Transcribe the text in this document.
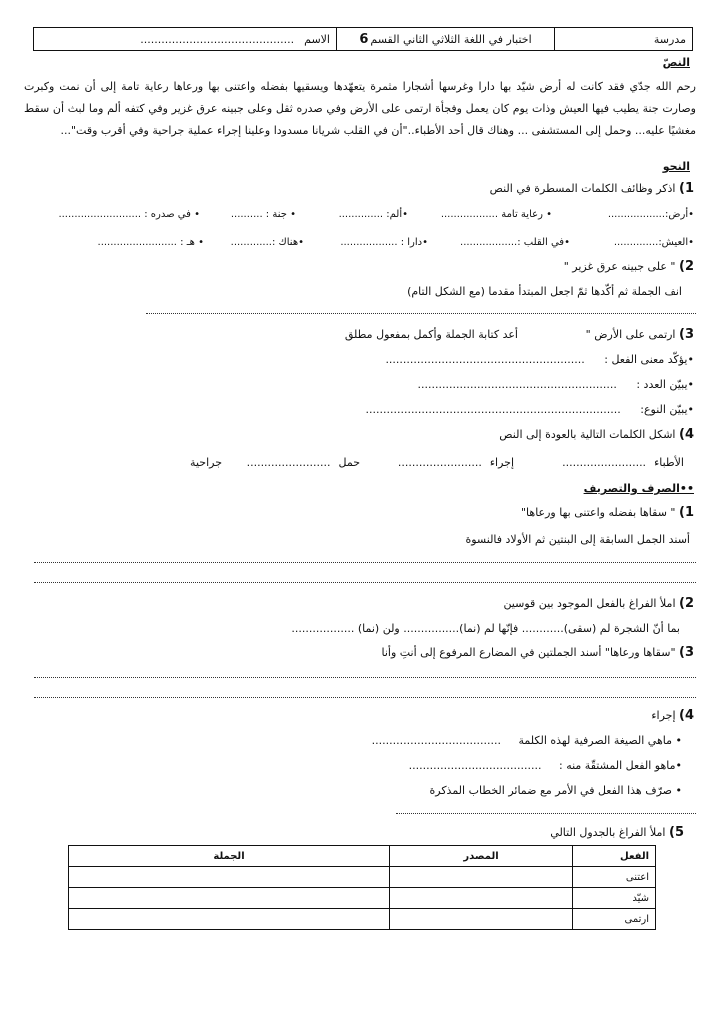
مدرسة
اختبار في اللغة الثلاثي الثاني القسم
6
الاسم
............................................
النصّ
رحم الله جدّي فقد كانت له أرض شيّد بها دارا وغرسها أشجارا مثمرة يتعهّدها ويسقيها بفضله واعتنى بها ورعاها رعاية تامة إلى أن نمت وكبرت وصارت جنة يطيب فيها العيش وذات يوم كان يعمل وفجأة ارتمى على الأرض وفي صدره ثقل وعلى جبينه عرق غزير وفي كتفه ألم وما لبث أن سقط مغشيًا عليه... وحمل إلى المستشفى ... وهناك قال أحد الأطباء.."أن في القلب شريانا مسدودا وعلينا إجراء عملية جراحية وفي أقرب وقت"...
النحو
1) اذكر وظائف الكلمات المسطرة في النص
•أرض:..................
• رعاية تامة ..................
•ألم: ..............
• جنة : ..........
• في صدره : ..........................
•العيش:..............
•في القلب :..................
•دارا : ..................
•هناك :.............
• هـ : .........................
2) " على جبينه عرق غزير "
انف الجملة ثم أكّدها ثمّ اجعل المبتدأ مقدما (مع الشكل التام)
3) ارتمى على الأرض "
أعد كتابة الجملة وأكمل بمفعول مطلق
•يؤكّد معنى الفعل : .........................................................
•يبيّن العدد : .........................................................
•يبيّن النوع: .........................................................................
4) اشكل الكلمات التالية بالعودة إلى النص
الأطباء........................
إجراء........................
حمل........................
جراحية
••الصرف والتصريف
1) " سقاها بفضله واعتنى بها ورعاها"
أسند الجمل السابقة إلى البنتين ثم الأولاد فالنسوة
2) املأ الفراغ بالفعل الموجود بين قوسين
بما أنّ الشجرة لم (سقى)............ فإنّها لم (نما)................ ولن (نما) ..................
3) "سقاها ورعاها" أسند الجملتين في المضارع المرفوع إلى أنتِ وأنا
4) إجراء
• ماهي الصيغة الصرفية لهذه الكلمة .....................................
•ماهو الفعل المشتقّة منه : ......................................
• صرّف هذا الفعل في الأمر مع ضمائر الخطاب المذكرة
5) املأ الفراغ بالجدول التالي
الفعل	المصدر	الجملة
اعتنى		
شيّد		
ارتمى		
